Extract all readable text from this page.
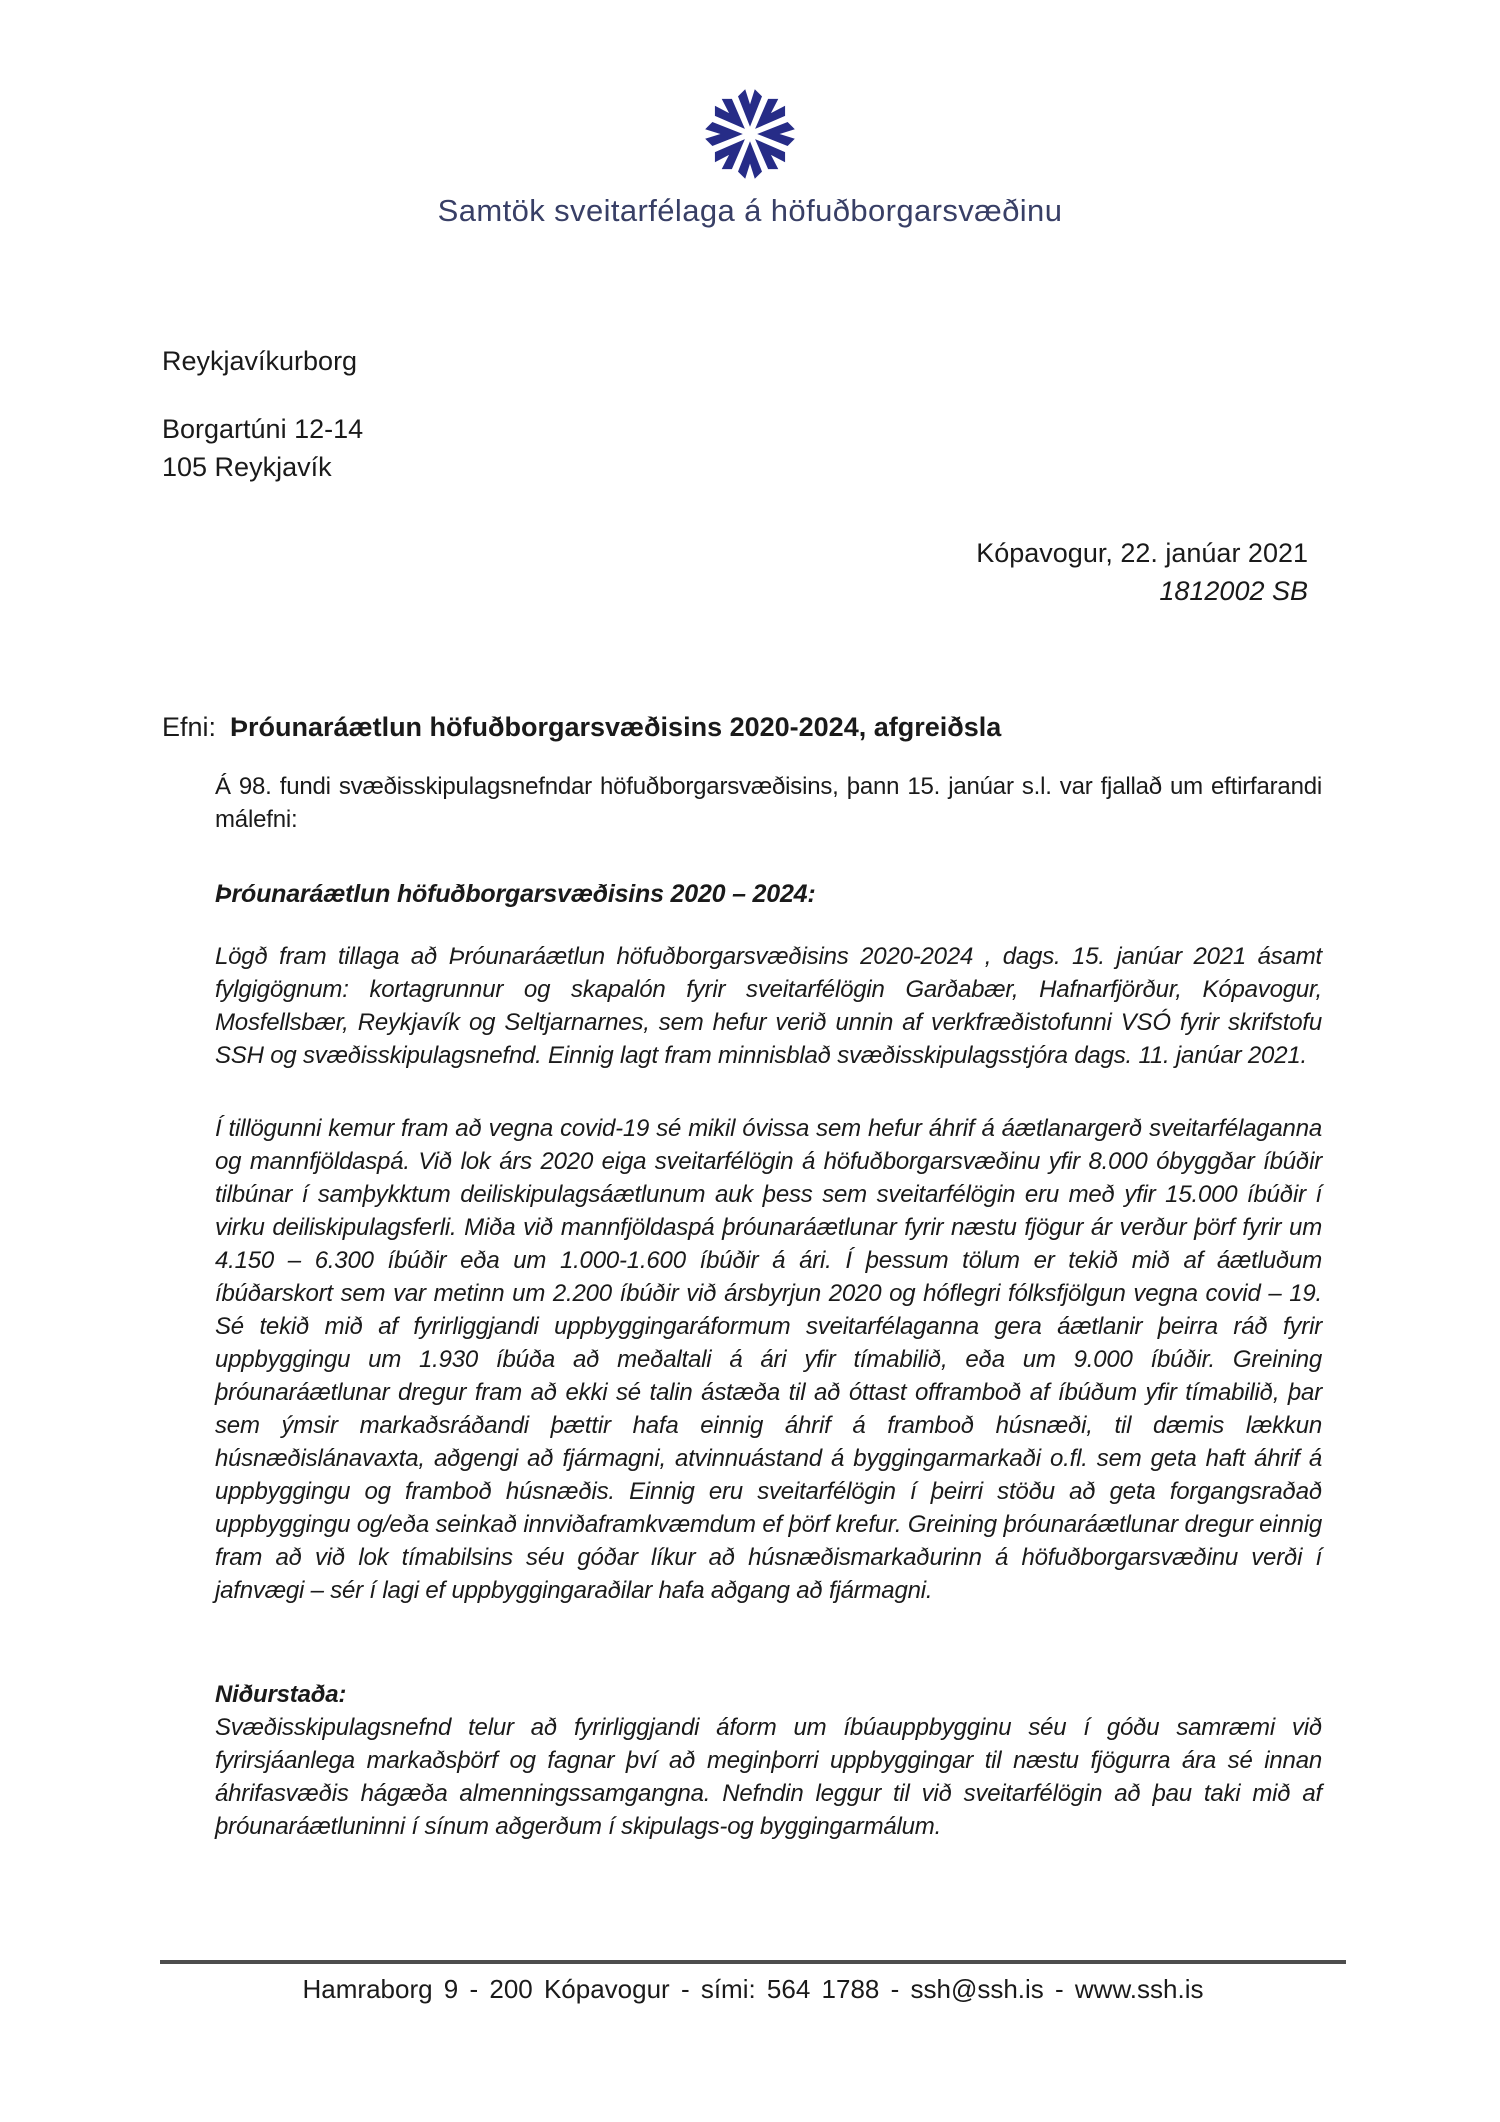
Samtök sveitarfélaga á höfuðborgarsvæðinu
Reykjavíkurborg
Borgartúni 12-14
105 Reykjavík
Kópavogur, 22. janúar 2021
1812002 SB
Efni: Þróunaráætlun höfuðborgarsvæðisins 2020-2024, afgreiðsla
Á 98. fundi svæðisskipulagsnefndar höfuðborgarsvæðisins, þann 15. janúar s.l. var fjallað um eftirfarandi málefni:
Þróunaráætlun höfuðborgarsvæðisins 2020 – 2024:
Lögð fram tillaga að Þróunaráætlun höfuðborgarsvæðisins 2020-2024 , dags. 15. janúar 2021 ásamt fylgigögnum: kortagrunnur og skapalón fyrir sveitarfélögin Garðabær, Hafnarfjörður, Kópavogur, Mosfellsbær, Reykjavík og Seltjarnarnes, sem hefur verið unnin af verkfræðistofunni VSÓ fyrir skrifstofu SSH og svæðisskipulagsnefnd. Einnig lagt fram minnisblað svæðisskipulagsstjóra dags. 11. janúar 2021.
Í tillögunni kemur fram að vegna covid-19 sé mikil óvissa sem hefur áhrif á áætlanargerð sveitarfélaganna og mannfjöldaspá. Við lok árs 2020 eiga sveitarfélögin á höfuðborgarsvæðinu yfir 8.000 óbyggðar íbúðir tilbúnar í samþykktum deiliskipulagsáætlunum auk þess sem sveitarfélögin eru með yfir 15.000 íbúðir í virku deiliskipulagsferli. Miða við mannfjöldaspá þróunaráætlunar fyrir næstu fjögur ár verður þörf fyrir um 4.150 – 6.300 íbúðir eða um 1.000-1.600 íbúðir á ári. Í þessum tölum er tekið mið af áætluðum íbúðarskort sem var metinn um 2.200 íbúðir við ársbyrjun 2020 og hóflegri fólksfjölgun vegna covid – 19. Sé tekið mið af fyrirliggjandi uppbyggingaráformum sveitarfélaganna gera áætlanir þeirra ráð fyrir uppbyggingu um 1.930 íbúða að meðaltali á ári yfir tímabilið, eða um 9.000 íbúðir. Greining þróunaráætlunar dregur fram að ekki sé talin ástæða til að óttast offramboð af íbúðum yfir tímabilið, þar sem ýmsir markaðsráðandi þættir hafa einnig áhrif á framboð húsnæði, til dæmis lækkun húsnæðislánavaxta, aðgengi að fjármagni, atvinnuástand á byggingarmarkaði o.fl. sem geta haft áhrif á uppbyggingu og framboð húsnæðis. Einnig eru sveitarfélögin í þeirri stöðu að geta forgangsraðað uppbyggingu og/eða seinkað innviðaframkvæmdum ef þörf krefur. Greining þróunaráætlunar dregur einnig fram að við lok tímabilsins séu góðar líkur að húsnæðismarkaðurinn á höfuðborgarsvæðinu verði í jafnvægi – sér í lagi ef uppbyggingaraðilar hafa aðgang að fjármagni.
Niðurstaða:
Svæðisskipulagsnefnd telur að fyrirliggjandi áform um íbúauppbygginu séu í góðu samræmi við fyrirsjáanlega markaðsþörf og fagnar því að meginþorri uppbyggingar til næstu fjögurra ára sé innan áhrifasvæðis hágæða almenningssamgangna. Nefndin leggur til við sveitarfélögin að þau taki mið af þróunaráætluninni í sínum aðgerðum í skipulags-og byggingarmálum.
Hamraborg 9 - 200 Kópavogur - sími: 564 1788 - ssh@ssh.is - www.ssh.is
